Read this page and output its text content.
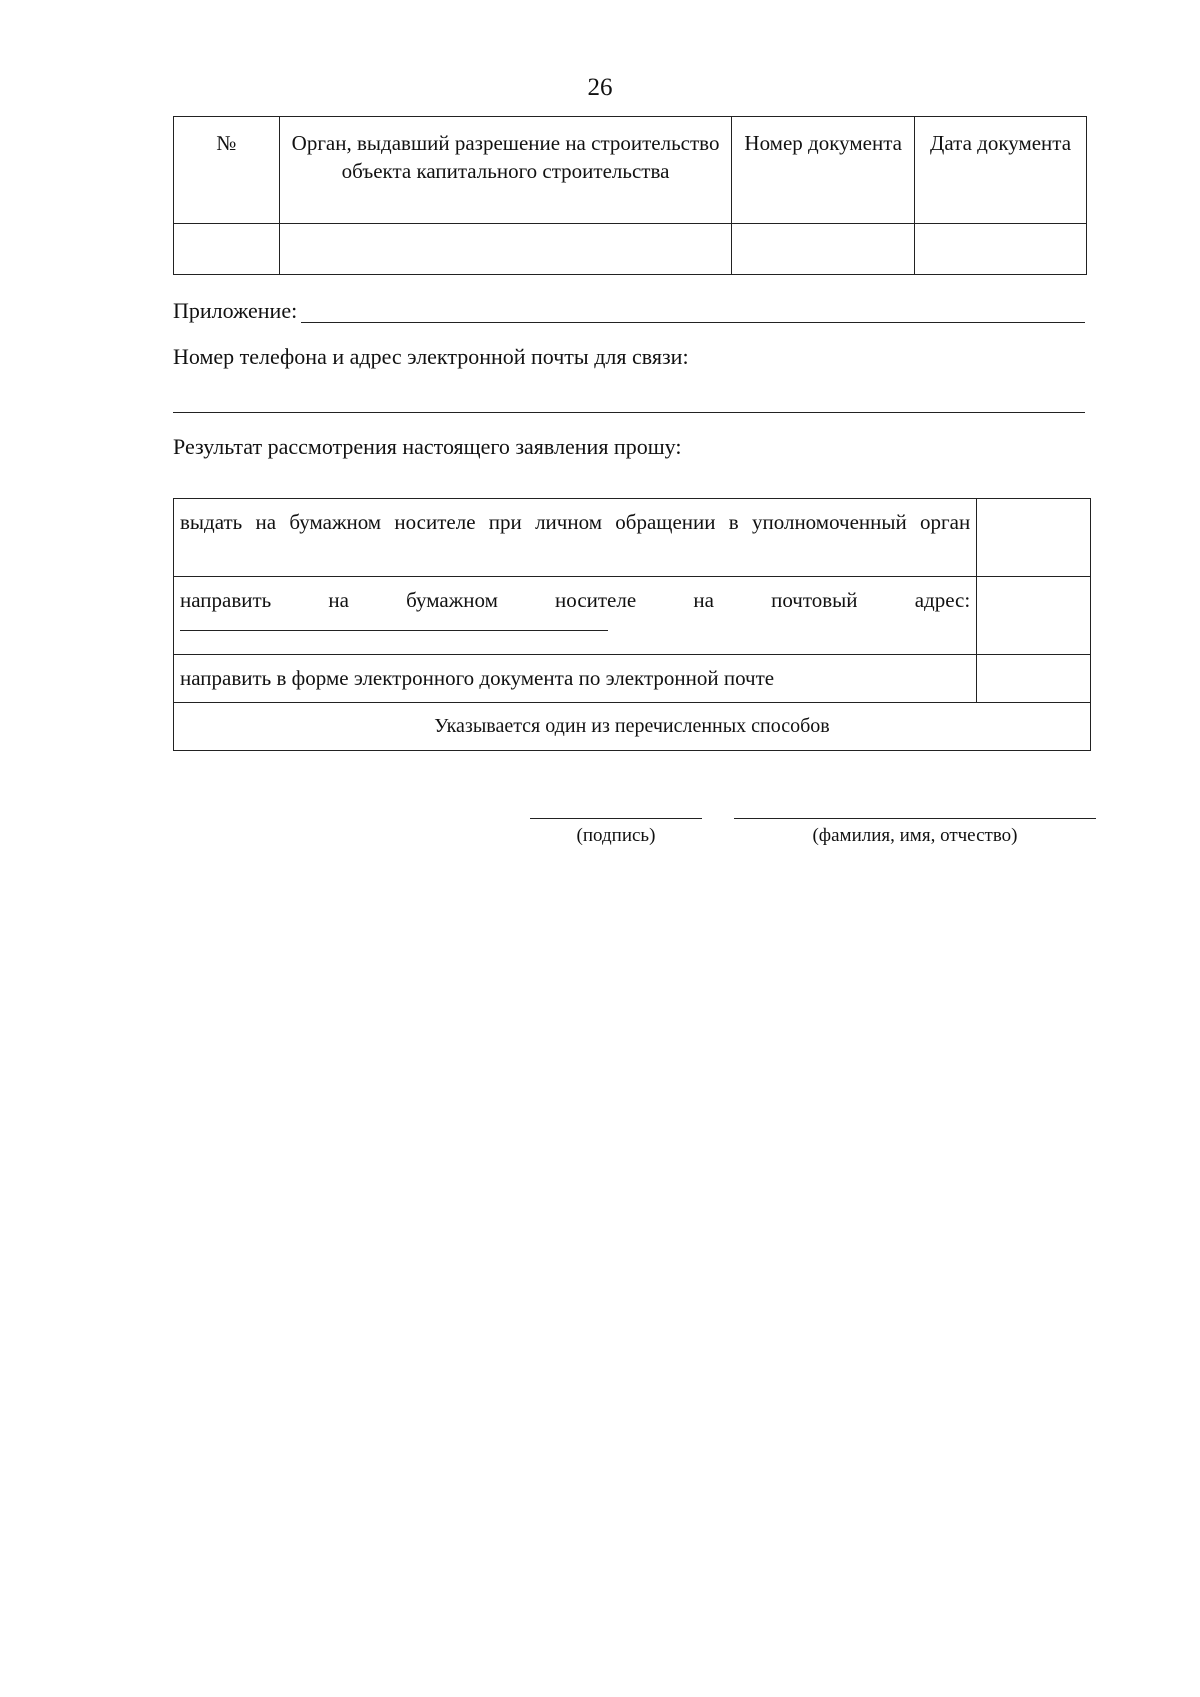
26
№	Орган, выдавший разрешение на строительство объекта капитального строительства	Номер документа	Дата документа

Приложение:
Номер телефона и адрес электронной почты для связи:
Результат рассмотрения настоящего заявления прошу:
выдать на бумажном носителе при личном обращении в уполномоченный орган	

направить на бумажном носителе на почтовый адрес:	

направить в форме электронного документа по электронной почте	
Указывается один из перечисленных способов	
(подпись)	(фамилия, имя, отчество)
